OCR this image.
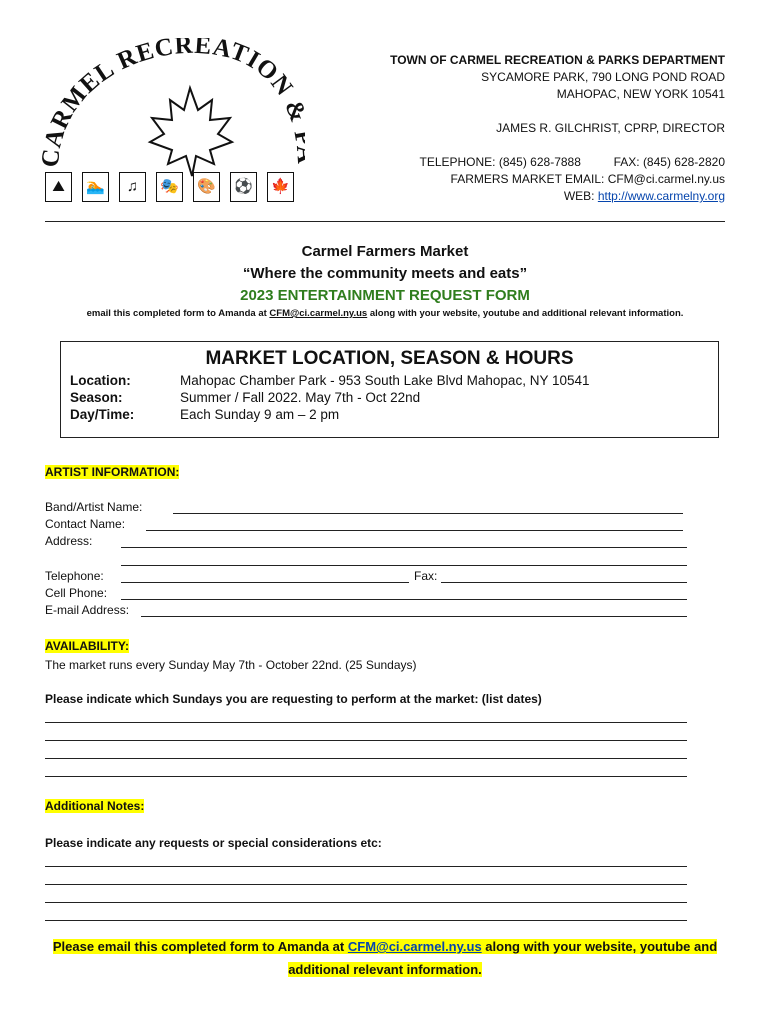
ARMEL RECREATION
⛰	🏊	♫	🎭 🎨 ⚽ 🍁
TOWN OF CARMEL RECREATION & PARKS DEPARTMENT
SYCAMORE PARK, 790 LONG POND ROAD
MAHOPAC, NEW YORK 10541
JAMES R. GILCHRIST, CPRP, DIRECTOR
TELEPHONE: (845) 628-7888	FAX: (845) 628-2820
FARMERS MARKET EMAIL: CFM@ci.carmel.ny.us
WEB: http://www.carmelny.org
Carmel Farmers Market
“Where the community meets and eats”
2023 ENTERTAINMENT REQUEST FORM
email this completed form to Amanda at CFM@ci.carmel.ny.us along with your website, youtube and additional relevant information.
MARKET LOCATION, SEASON & HOURS
Location:	Mahopac Chamber Park - 953 South Lake Blvd Mahopac, NY 10541
Season:	Summer / Fall 2022. May 7th - Oct 22nd
Day/Time:	Each Sunday 9 am – 2 pm
ARTIST INFORMATION:
Band/Artist Name:
Contact Name:
Address:
Telephone:	Fax:
Cell Phone:
E-mail Address:
AVAILABILITY:
The market runs every Sunday May 7th - October 22nd. (25 Sundays)
Please indicate which Sundays you are requesting to perform at the market: (list dates)
Additional Notes:
Please indicate any requests or special considerations etc:
Please email this completed form to Amanda at CFM@ci.carmel.ny.us along with your website, youtube and
additional relevant information.
